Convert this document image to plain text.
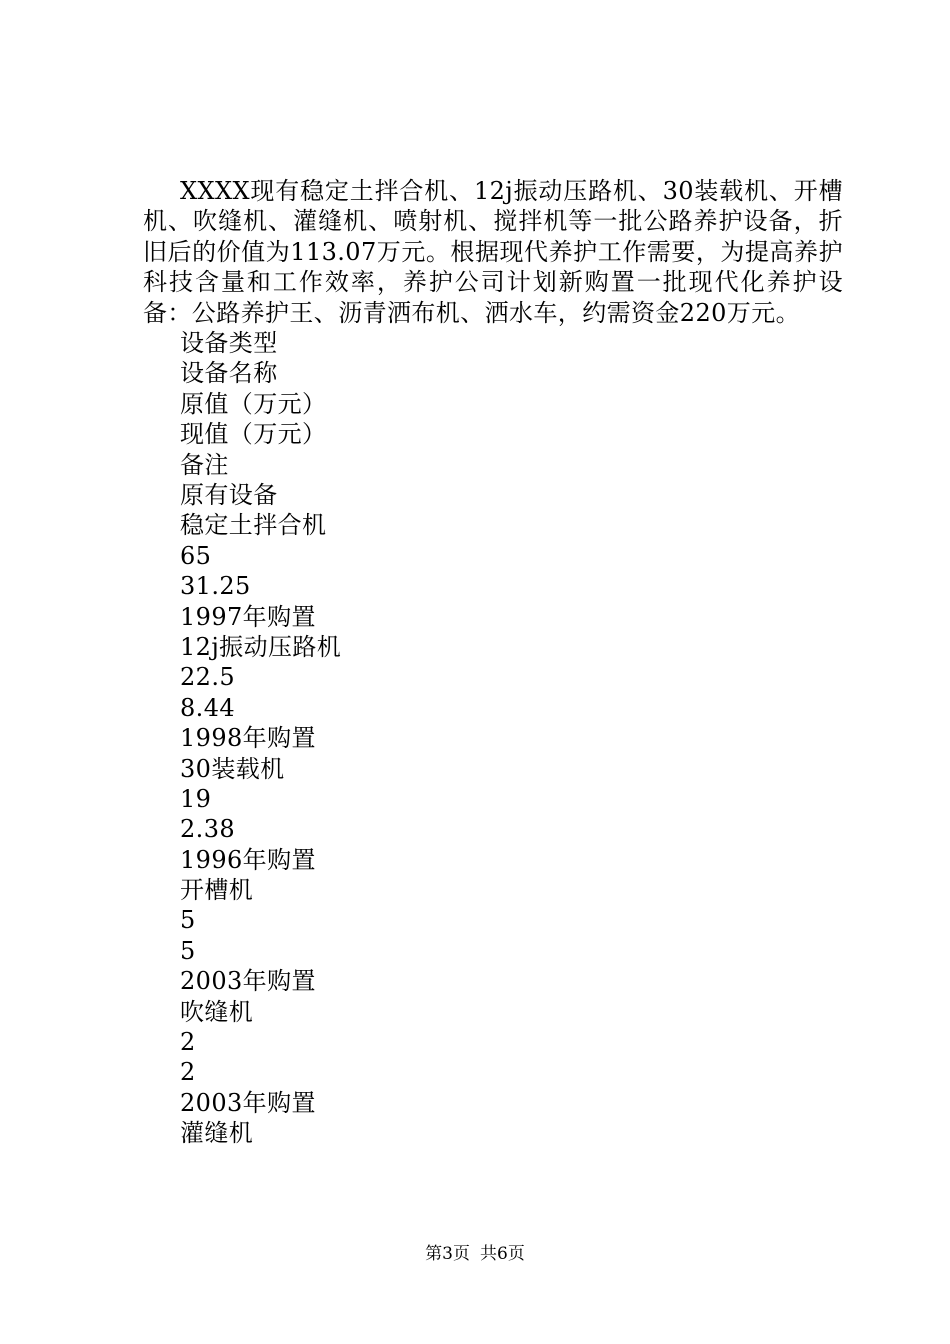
XXXX现有稳定土拌合机、12j振动压路机、30装载机、开槽机、吹缝机、灌缝机、喷射机、搅拌机等一批公路养护设备，折旧后的价值为113.07万元。根据现代养护工作需要，为提高养护科技含量和工作效率，养护公司计划新购置一批现代化养护设备：公路养护王、沥青洒布机、洒水车，约需资金220万元。

设备类型
设备名称
原值（万元）
现值（万元）
备注
原有设备
稳定土拌合机
65
31.25
1997年购置
12j振动压路机
22.5
8.44
1998年购置
30装载机
19
2.38
1996年购置
开槽机
5
5
2003年购置
吹缝机
2
2
2003年购置
灌缝机
第3页 共6页
